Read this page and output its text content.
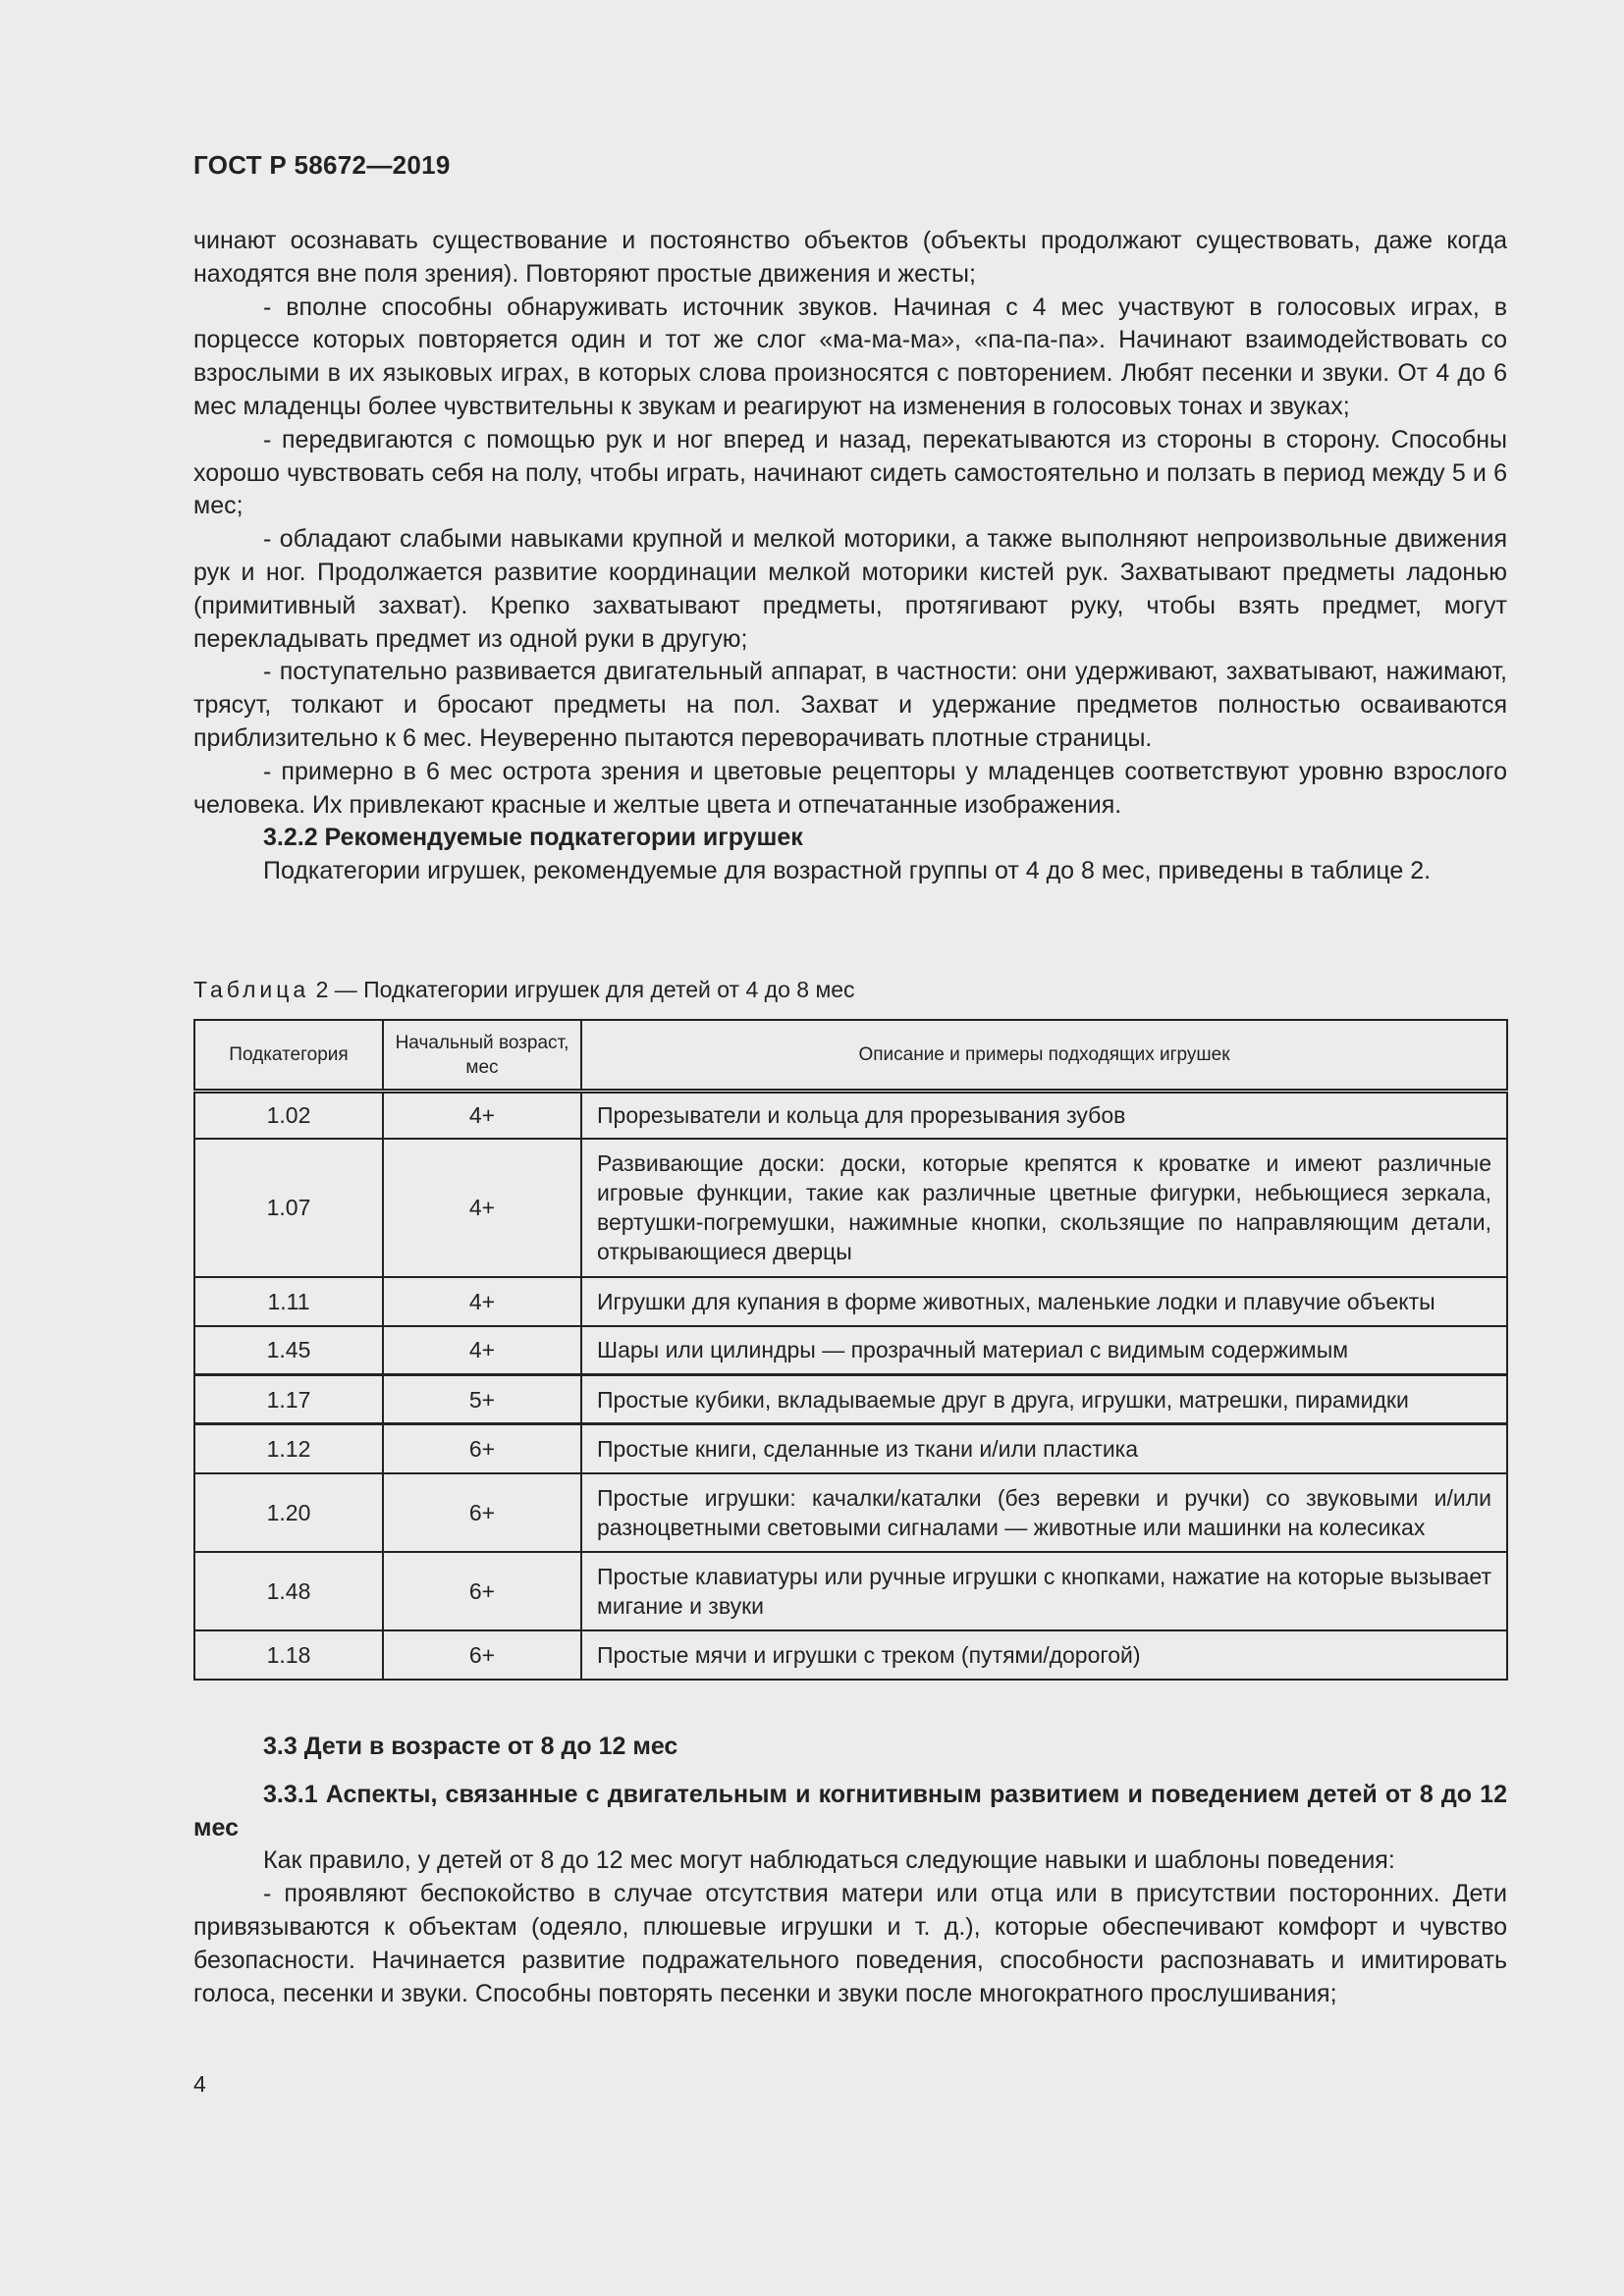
ГОСТ Р 58672—2019

чинают осознавать существование и постоянство объектов (объекты продолжают существовать, даже когда находятся вне поля зрения). Повторяют простые движения и жесты;

- вполне способны обнаруживать источник звуков. Начиная с 4 мес участвуют в голосовых играх, в порцессе которых повторяется один и тот же слог «ма-ма-ма», «па-па-па». Начинают взаимодействовать со взрослыми в их языковых играх, в которых слова произносятся с повторением. Любят песенки и звуки. От 4 до 6 мес младенцы более чувствительны к звукам и реагируют на изменения в голосовых тонах и звуках;

- передвигаются с помощью рук и ног вперед и назад, перекатываются из стороны в сторону. Способны хорошо чувствовать себя на полу, чтобы играть, начинают сидеть самостоятельно и ползать в период между 5 и 6 мес;

- обладают слабыми навыками крупной и мелкой моторики, а также выполняют непроизвольные движения рук и ног. Продолжается развитие координации мелкой моторики кистей рук. Захватывают предметы ладонью (примитивный захват). Крепко захватывают предметы, протягивают руку, чтобы взять предмет, могут перекладывать предмет из одной руки в другую;

- поступательно развивается двигательный аппарат, в частности: они удерживают, захватывают, нажимают, трясут, толкают и бросают предметы на пол. Захват и удержание предметов полностью осваиваются приблизительно к 6 мес. Неуверенно пытаются переворачивать плотные страницы.

- примерно в 6 мес острота зрения и цветовые рецепторы у младенцев соответствуют уровню взрослого человека. Их привлекают красные и желтые цвета и отпечатанные изображения.

3.2.2 Рекомендуемые подкатегории игрушек

Подкатегории игрушек, рекомендуемые для возрастной группы от 4 до 8 мес, приведены в таблице 2.

Таблица 2 — Подкатегории игрушек для детей от 4 до 8 мес
Подкатегория	Начальный возраст, мес	Описание и примеры подходящих игрушек
1.02	4+	Прорезыватели и кольца для прорезывания зубов
1.07	4+	Развивающие доски: доски, которые крепятся к кроватке и имеют различные игровые функции, такие как различные цветные фигурки, небьющиеся зеркала, вертушки-погремушки, нажимные кнопки, скользящие по направляющим детали, открывающиеся дверцы
1.11	4+	Игрушки для купания в форме животных, маленькие лодки и плавучие объекты
1.45	4+	Шары или цилиндры — прозрачный материал с видимым содержимым
1.17	5+	Простые кубики, вкладываемые друг в друга, игрушки, матрешки, пирамидки
1.12	6+	Простые книги, сделанные из ткани и/или пластика
1.20	6+	Простые игрушки: качалки/каталки (без веревки и ручки) со звуковыми и/или разноцветными световыми сигналами — животные или машинки на колесиках
1.48	6+	Простые клавиатуры или ручные игрушки с кнопками, нажатие на которые вызывает мигание и звуки
1.18	6+	Простые мячи и игрушки с треком (путями/дорогой)

3.3 Дети в возрасте от 8 до 12 мес

3.3.1 Аспекты, связанные с двигательным и когнитивным развитием и поведением детей от 8 до 12 мес

Как правило, у детей от 8 до 12 мес могут наблюдаться следующие навыки и шаблоны поведения:

- проявляют беспокойство в случае отсутствия матери или отца или в присутствии посторонних. Дети привязываются к объектам (одеяло, плюшевые игрушки и т. д.), которые обеспечивают комфорт и чувство безопасности. Начинается развитие подражательного поведения, способности распознавать и имитировать голоса, песенки и звуки. Способны повторять песенки и звуки после многократного прослушивания;

4
